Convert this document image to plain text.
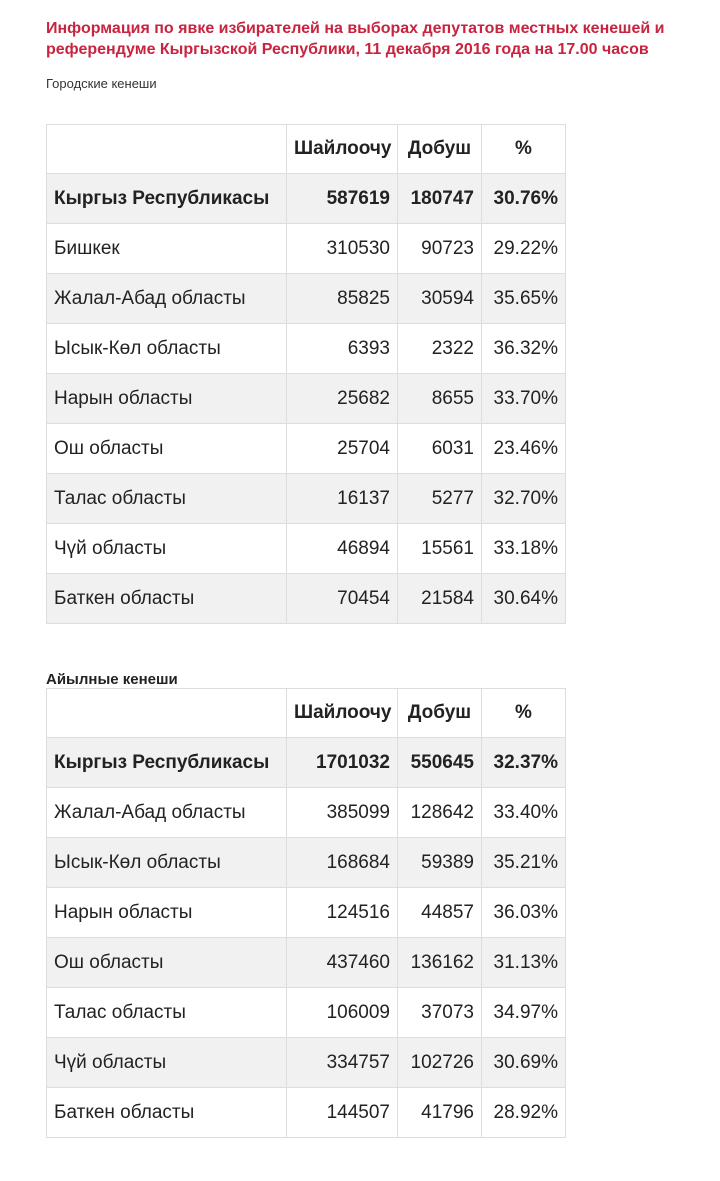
Информация по явке избирателей на выборах депутатов местных кенешей и референдуме Кыргызской Республики, 11 декабря 2016 года на 17.00 часов
Городские кенеши
	Шайлоочу	Добуш	%
Кыргыз Республикасы	587619	180747	30.76%
Бишкек	310530	90723	29.22%
Жалал-Абад областы	85825	30594	35.65%
Ысык-Көл областы	6393	2322	36.32%
Нарын областы	25682	8655	33.70%
Ош областы	25704	6031	23.46%
Талас областы	16137	5277	32.70%
Чүй областы	46894	15561	33.18%
Баткен областы	70454	21584	30.64%
Айылные кенеши
	Шайлоочу	Добуш	%
Кыргыз Республикасы	1701032	550645	32.37%
Жалал-Абад областы	385099	128642	33.40%
Ысык-Көл областы	168684	59389	35.21%
Нарын областы	124516	44857	36.03%
Ош областы	437460	136162	31.13%
Талас областы	106009	37073	34.97%
Чүй областы	334757	102726	30.69%
Баткен областы	144507	41796	28.92%
